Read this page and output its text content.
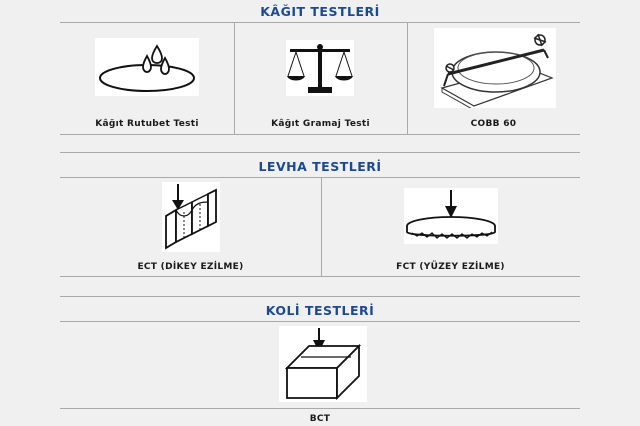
KÂĞIT TESTLERİ
Kâğıt Rutubet Testi	Kâğıt Gramaj Testi	COBB 60
LEVHA TESTLERİ
ECT (DİKEY EZİLME)	FCT (YÜZEY EZİLME)
KOLİ TESTLERİ
BCT
